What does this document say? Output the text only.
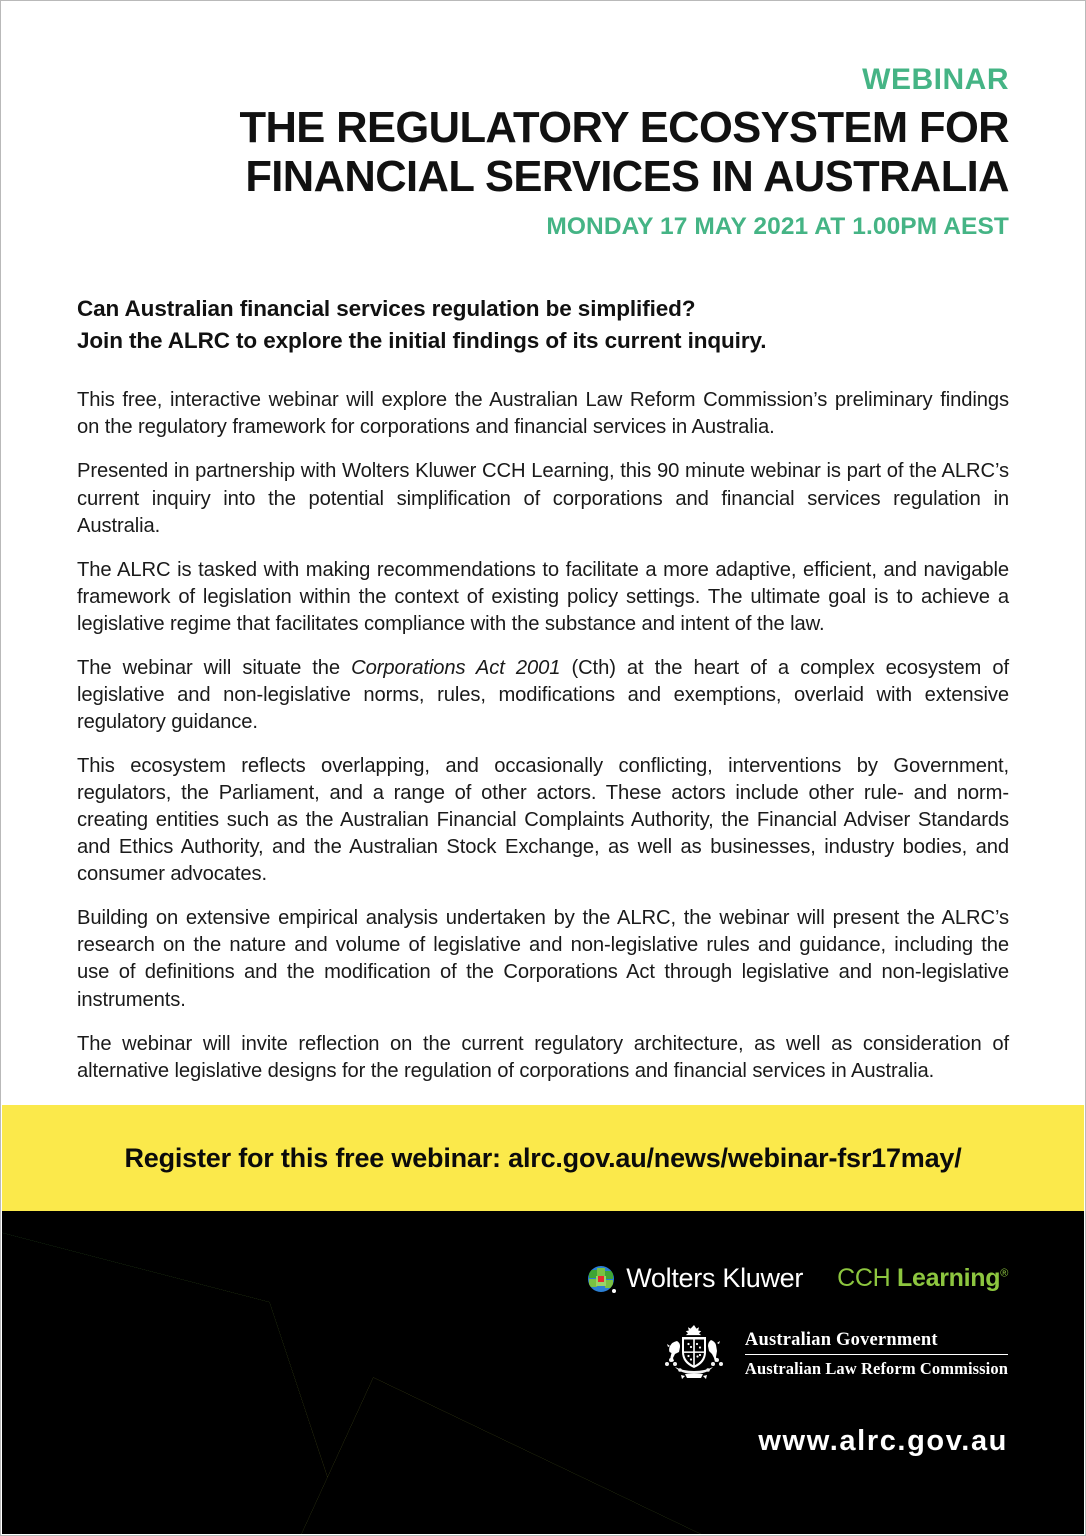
WEBINAR
THE REGULATORY ECOSYSTEM FOR
FINANCIAL SERVICES IN AUSTRALIA
MONDAY 17 MAY 2021 AT 1.00PM AEST
Can Australian financial services regulation be simplified?
Join the ALRC to explore the initial findings of its current inquiry.

This free, interactive webinar will explore the Australian Law Reform Commission’s preliminary findings on the regulatory framework for corporations and financial services in Australia.

Presented in partnership with Wolters Kluwer CCH Learning, this 90 minute webinar is part of the ALRC’s current inquiry into the potential simplification of corporations and financial services regulation in Australia.

The ALRC is tasked with making recommendations to facilitate a more adaptive, efficient, and navigable framework of legislation within the context of existing policy settings. The ultimate goal is to achieve a legislative regime that facilitates compliance with the substance and intent of the law.

The webinar will situate the Corporations Act 2001 (Cth) at the heart of a complex ecosystem of legislative and non-legislative norms, rules, modifications and exemptions, overlaid with extensive regulatory guidance.

This ecosystem reflects overlapping, and occasionally conflicting, interventions by Government, regulators, the Parliament, and a range of other actors. These actors include other rule- and norm-creating entities such as the Australian Financial Complaints Authority, the Financial Adviser Standards and Ethics Authority, and the Australian Stock Exchange, as well as businesses, industry bodies, and consumer advocates.

Building on extensive empirical analysis undertaken by the ALRC, the webinar will present the ALRC’s research on the nature and volume of legislative and non-legislative rules and guidance, including the use of definitions and the modification of the Corporations Act through legislative and non-legislative instruments.

The webinar will invite reflection on the current regulatory architecture, as well as consideration of alternative legislative designs for the regulation of corporations and financial services in Australia.

Register for this free webinar: alrc.gov.au/news/webinar-fsr17may/
Wolters Kluwer CCH Learning®
Australian Government
Australian Law Reform Commission
www.alrc.gov.au
